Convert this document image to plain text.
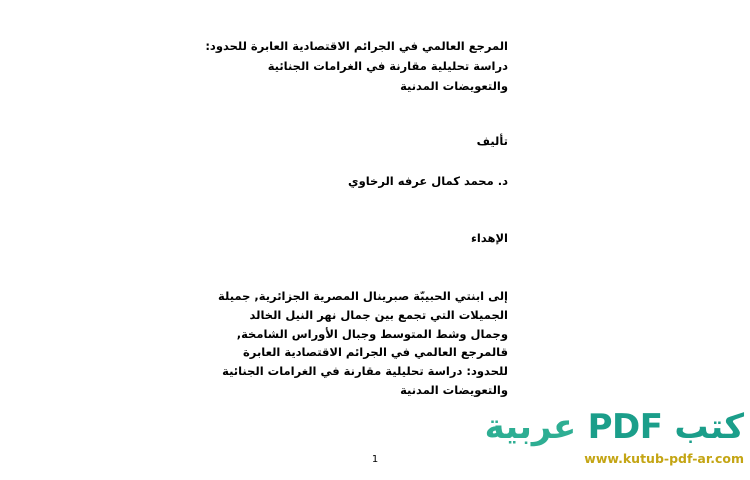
المرجع العالمي في الجرائم الاقتصادية العابرة للحدود:
دراسة تحليلية مقارنة في الغرامات الجنائية
والتعويضات المدنية
تأليف
د. محمد كمال عرفه الرخاوي
الإهداء
إلى ابنتي الحبيبّة صبرينال المصرية الجزائرية, جميلة
الجميلات التي تجمع بين جمال نهر النيل الخالد
وجمال وشط المتوسط وجبال الأوراس الشامخة,
قالمرجع العالمي في الجرائم الاقتصادية العابرة
للحدود: دراسة تحليلية مقارنة في الغرامات الجنائية
والتعويضات المدنية
1
كتب PDF عربية
www.kutub-pdf-ar.com
